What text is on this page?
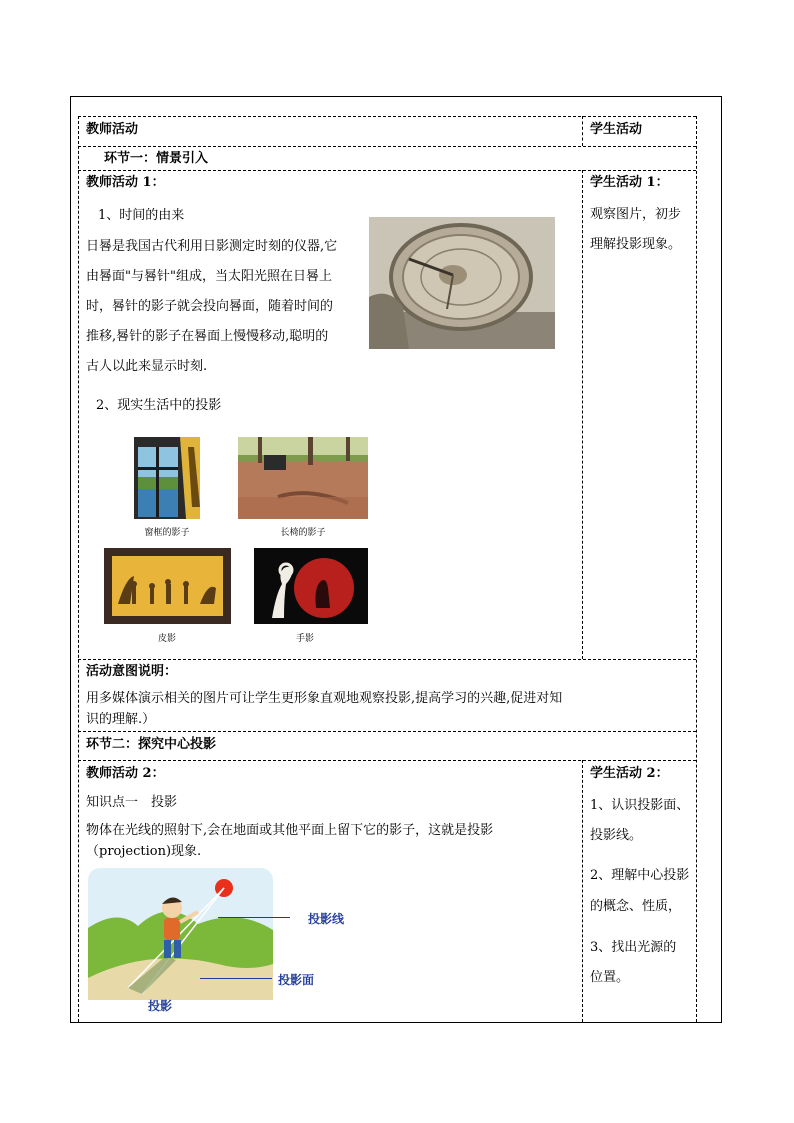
教师活动	学生活动
环节一：情景引入
教师活动 1：
1、时间的由来
日晷是我国古代利用日影测定时刻的仪器,它
由晷面"与晷针"组成，当太阳光照在日晷上
时，晷针的影子就会投向晷面，随着时间的
推移,晷针的影子在晷面上慢慢移动,聪明的
古人以此来显示时刻.
2、现实生活中的投影
窗框的影子	长椅的影子
皮影	手影
学生活动 1：
观察图片，初步
理解投影现象。
活动意图说明：
用多媒体演示相关的图片可让学生更形象直观地观察投影,提高学习的兴趣,促进对知
识的理解.）
环节二：探究中心投影
教师活动 2：
知识点一　投影
物体在光线的照射下,会在地面或其他平面上留下它的影子，这就是投影
（projection)现象.
投影线
投影面
投影
学生活动 2：
1、认识投影面、
投影线。
2、理解中心投影
的概念、性质，
3、找出光源的
位置。
